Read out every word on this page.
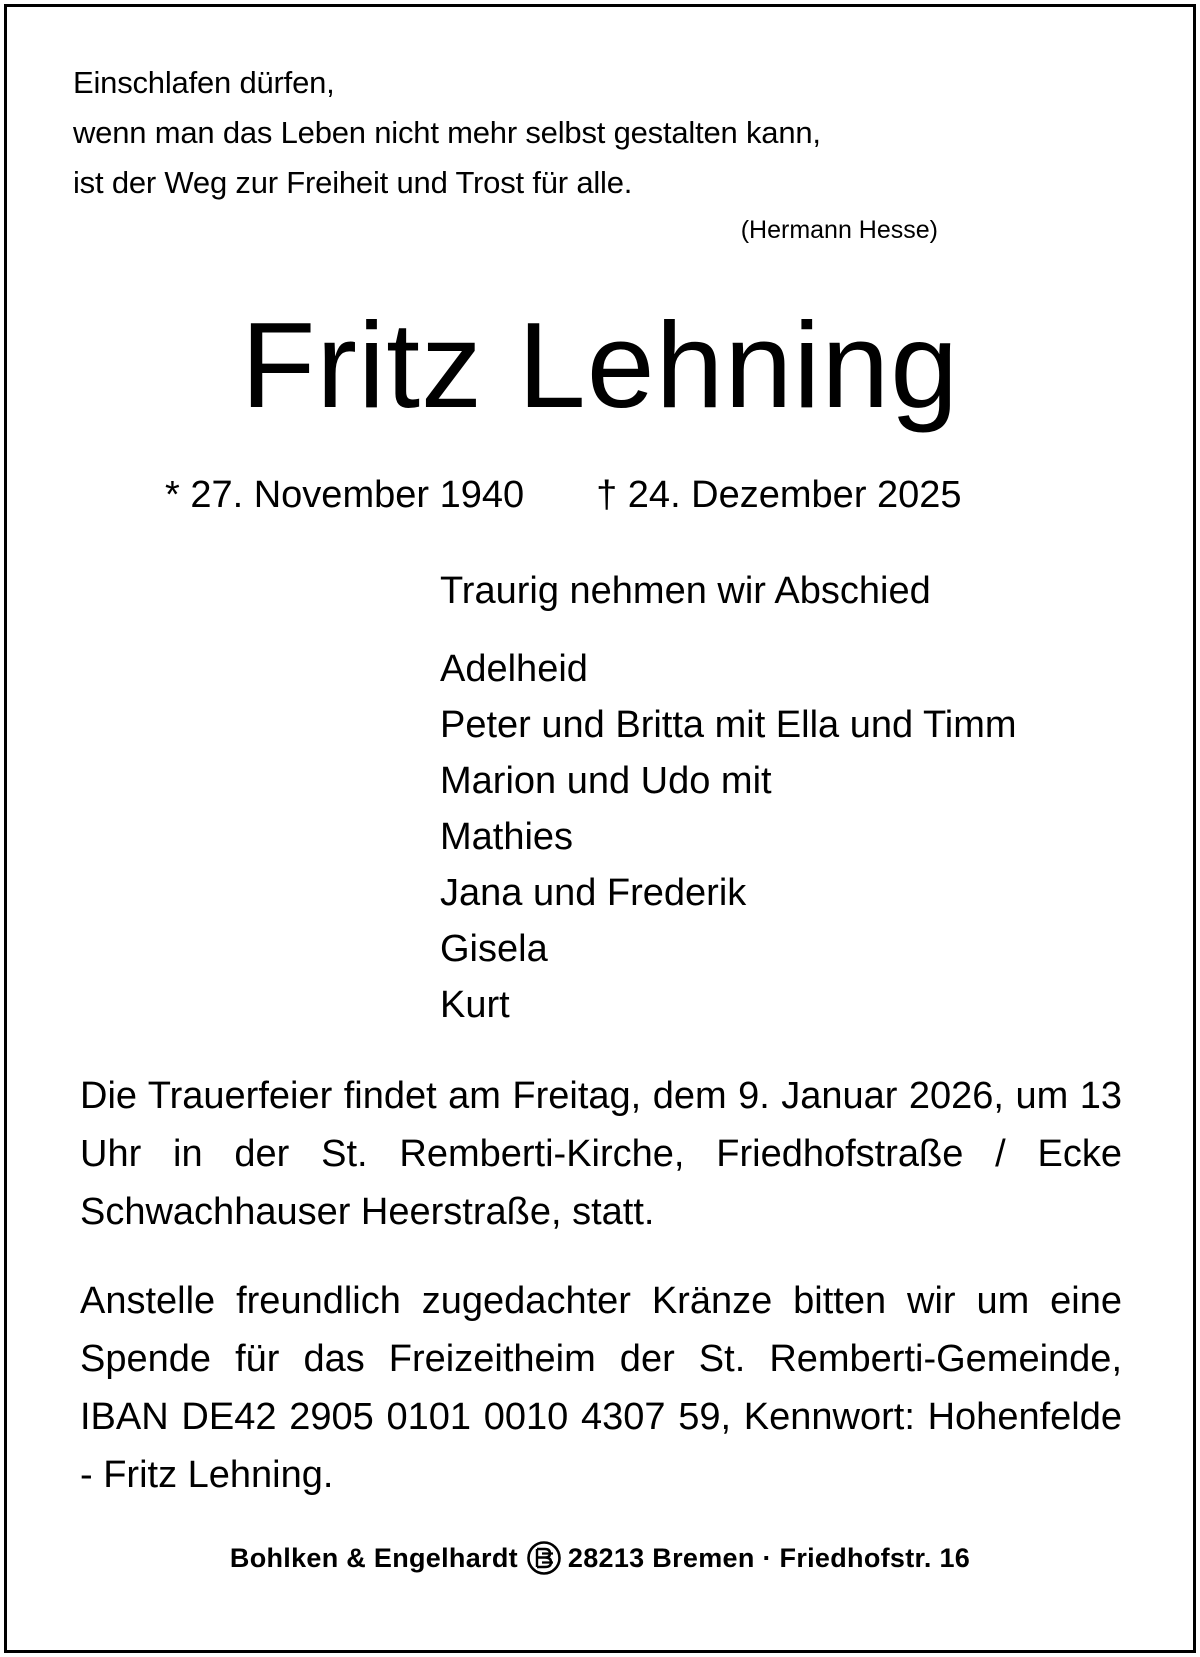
Einschlafen dürfen,
wenn man das Leben nicht mehr selbst gestalten kann,
ist der Weg zur Freiheit und Trost für alle.
(Hermann Hesse)
Fritz Lehning
* 27. November 1940 † 24. Dezember 2025
Traurig nehmen wir Abschied
Adelheid
Peter und Britta mit Ella und Timm
Marion und Udo mit
Mathies
Jana und Frederik
Gisela
Kurt
Die Trauerfeier findet am Freitag, dem 9. Januar 2026, um 13 Uhr in der St. Remberti-Kirche, Friedhofstraße / Ecke Schwachhauser Heerstraße, statt.
Anstelle freundlich zugedachter Kränze bitten wir um eine Spende für das Freizeitheim der St. Remberti-Gemeinde, IBAN DE42 2905 0101 0010 4307 59, Kennwort: Hohenfelde - Fritz Lehning.
Bohlken & Engelhardt 28213 Bremen · Friedhofstr. 16
